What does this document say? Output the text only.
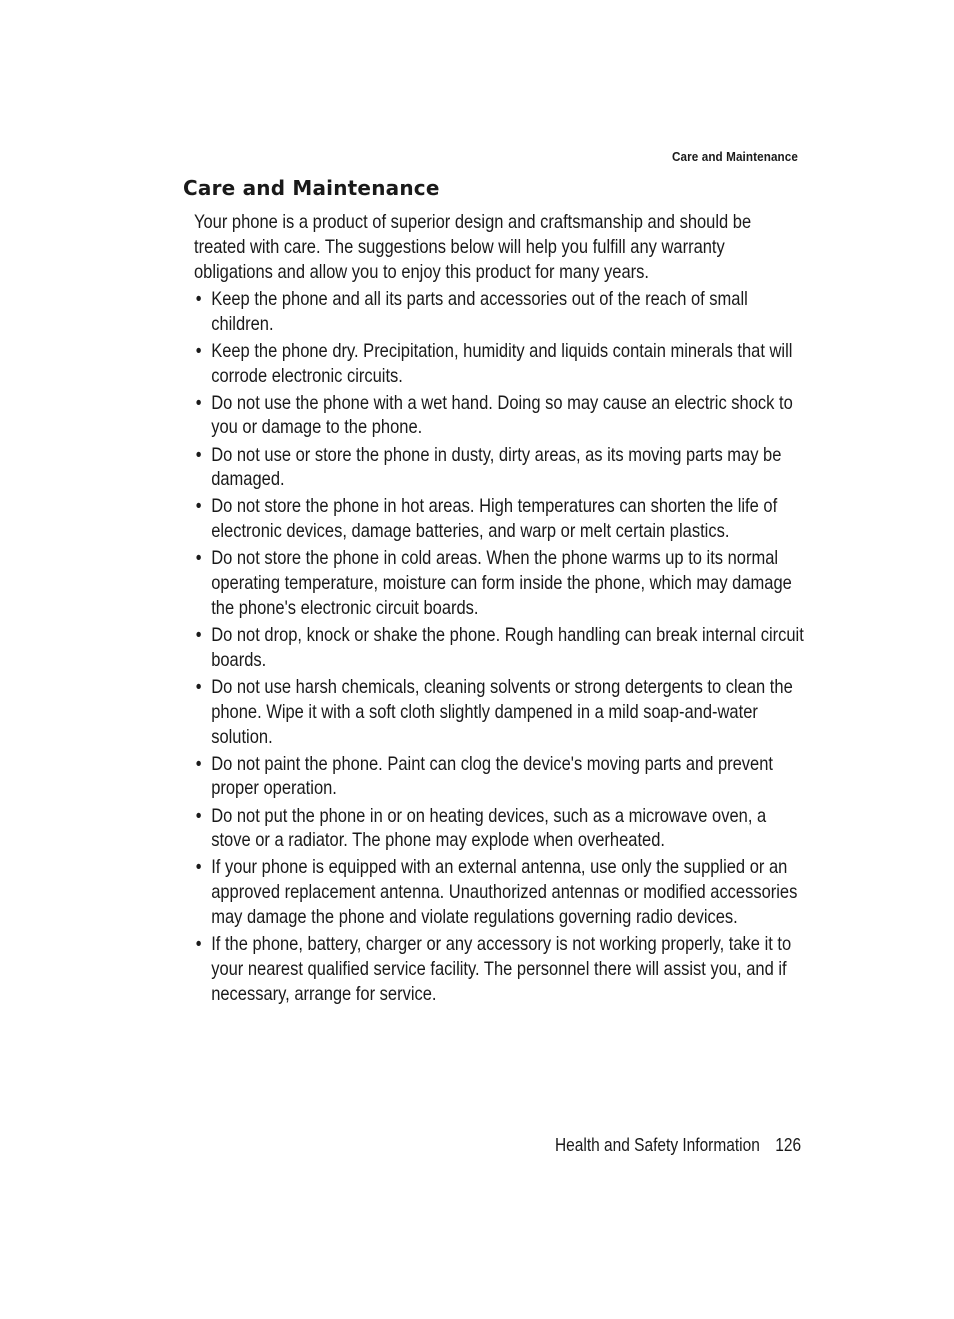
Care and Maintenance
Care and Maintenance

Your phone is a product of superior design and craftsmanship and should be treated with care. The suggestions below will help you fulfill any warranty obligations and allow you to enjoy this product for many years.

• Keep the phone and all its parts and accessories out of the reach of small children.
• Keep the phone dry. Precipitation, humidity and liquids contain minerals that will corrode electronic circuits.
• Do not use the phone with a wet hand. Doing so may cause an electric shock to you or damage to the phone.
• Do not use or store the phone in dusty, dirty areas, as its moving parts may be damaged.
• Do not store the phone in hot areas. High temperatures can shorten the life of electronic devices, damage batteries, and warp or melt certain plastics.
• Do not store the phone in cold areas. When the phone warms up to its normal operating temperature, moisture can form inside the phone, which may damage the phone's electronic circuit boards.
• Do not drop, knock or shake the phone. Rough handling can break internal circuit boards.
• Do not use harsh chemicals, cleaning solvents or strong detergents to clean the phone. Wipe it with a soft cloth slightly dampened in a mild soap-and-water solution.
• Do not paint the phone. Paint can clog the device's moving parts and prevent proper operation.
• Do not put the phone in or on heating devices, such as a microwave oven, a stove or a radiator. The phone may explode when overheated.
• If your phone is equipped with an external antenna, use only the supplied or an approved replacement antenna. Unauthorized antennas or modified accessories may damage the phone and violate regulations governing radio devices.
• If the phone, battery, charger or any accessory is not working properly, take it to your nearest qualified service facility. The personnel there will assist you, and if necessary, arrange for service.
Health and Safety Information 126
